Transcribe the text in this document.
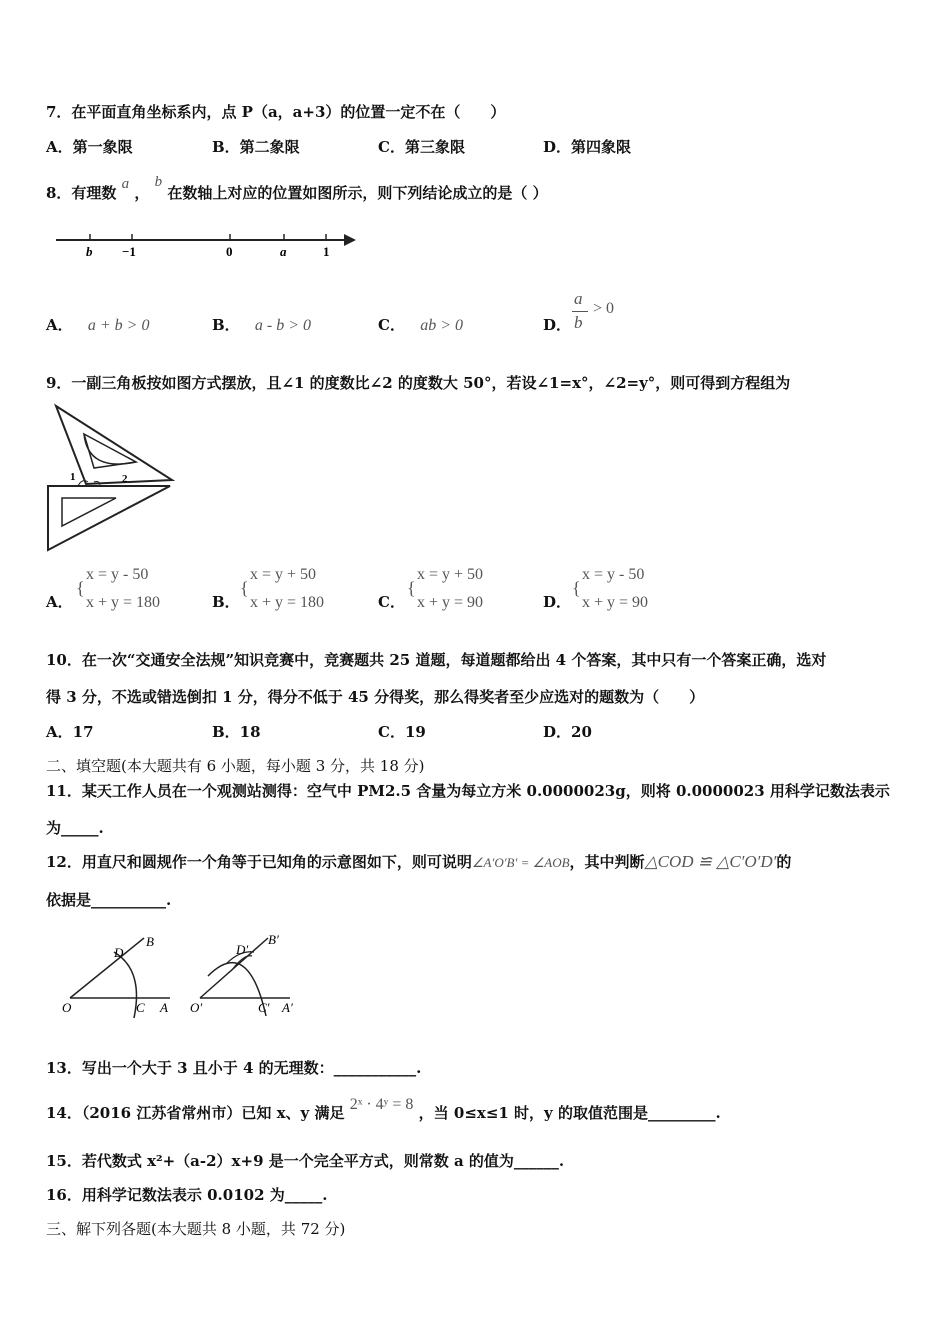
7．在平面直角坐标系内，点 P（a，a+3）的位置一定不在（　　）
A．第一象限	B．第二象限	C．第三象限	D．第四象限
8．有理数 a ， b 在数轴上对应的位置如图所示，则下列结论成立的是（ ）
b −1	0	a	1
A． a + b > 0	B． a - b > 0	C． ab > 0	D．
a
b
> 0
9．一副三角板按如图方式摆放，且∠1 的度数比∠2 的度数大 50°，若设∠1=x°，∠2=y°，则可得到方程组为
1	2
A．
{
x = y - 50
x + y = 180	B．
{
x = y + 50
x + y = 180	C．
{
x = y + 50
x + y = 90	D．
{
x = y - 50
x + y = 90
10．在一次“交通安全法规”知识竞赛中，竞赛题共 25 道题，每道题都给出 4 个答案，其中只有一个答案正确，选对
得 3 分，不选或错选倒扣 1 分，得分不低于 45 分得奖，那么得奖者至少应选对的题数为（　　）
A．17	B．18	C．19	D．20
二、填空题(本大题共有 6 小题，每小题 3 分，共 18 分)
11．某天工作人员在一个观测站测得：空气中 PM2.5 含量为每立方米 0.0000023g，则将 0.0000023 用科学记数法表示
为_____.
12．用直尺和圆规作一个角等于已知角的示意图如下，则可说明∠A′O′B′ = ∠AOB，其中判断△COD ≌ △C′O′D′的
依据是__________.
O
D
B
C A O′
D′
B′
C′ A′
13．写出一个大于 3 且小于 4 的无理数：___________.
14．（2016 江苏省常州市）已知 x、y 满足 2ˣ · 4ʸ = 8 ，当 0≤x≤1 时，y 的取值范围是_________.
15．若代数式 x²+（a-2）x+9 是一个完全平方式，则常数 a 的值为______.
16．用科学记数法表示 0.0102 为_____.
三、解下列各题(本大题共 8 小题，共 72 分)
